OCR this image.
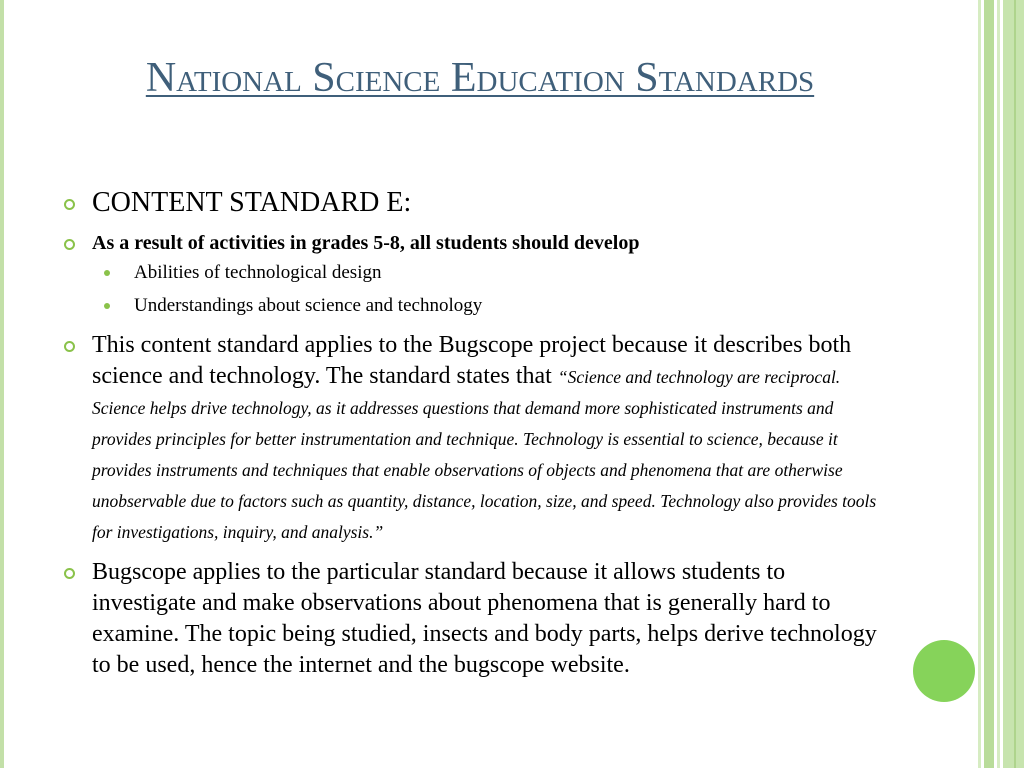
National Science Education Standards
CONTENT STANDARD E:
As a result of activities in grades 5-8, all students should develop
Abilities of technological design
Understandings about science and technology
This content standard applies to the Bugscope project because it describes both science and technology. The standard states that “Science and technology are reciprocal. Science helps drive technology, as it addresses questions that demand more sophisticated instruments and provides principles for better instrumentation and technique. Technology is essential to science, because it provides instruments and techniques that enable observations of objects and phenomena that are otherwise unobservable due to factors such as quantity, distance, location, size, and speed. Technology also provides tools for investigations, inquiry, and analysis.”
Bugscope applies to the particular standard because it allows students to investigate and make observations about phenomena that is generally hard to examine. The topic being studied, insects and body parts, helps derive technology to be used, hence the internet and the bugscope website.
